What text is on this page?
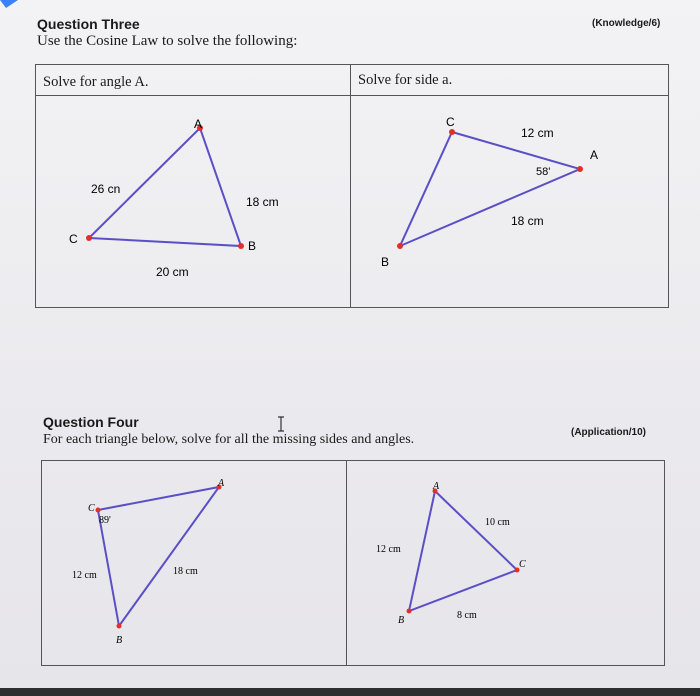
Question Three
Use the Cosine Law to solve the following:
(Knowledge/6)
Solve for angle A.	Solve for side a.
A
C	B
26 cn
18 cm
20 cm
C
A
B
12 cm
58'
18 cm
Question Four
For each triangle below, solve for all the missing sides and angles.	(Application/10)
A
B
C
89'
12 cm	18 cm
A
C
B
12 cm
10 cm
8 cm
